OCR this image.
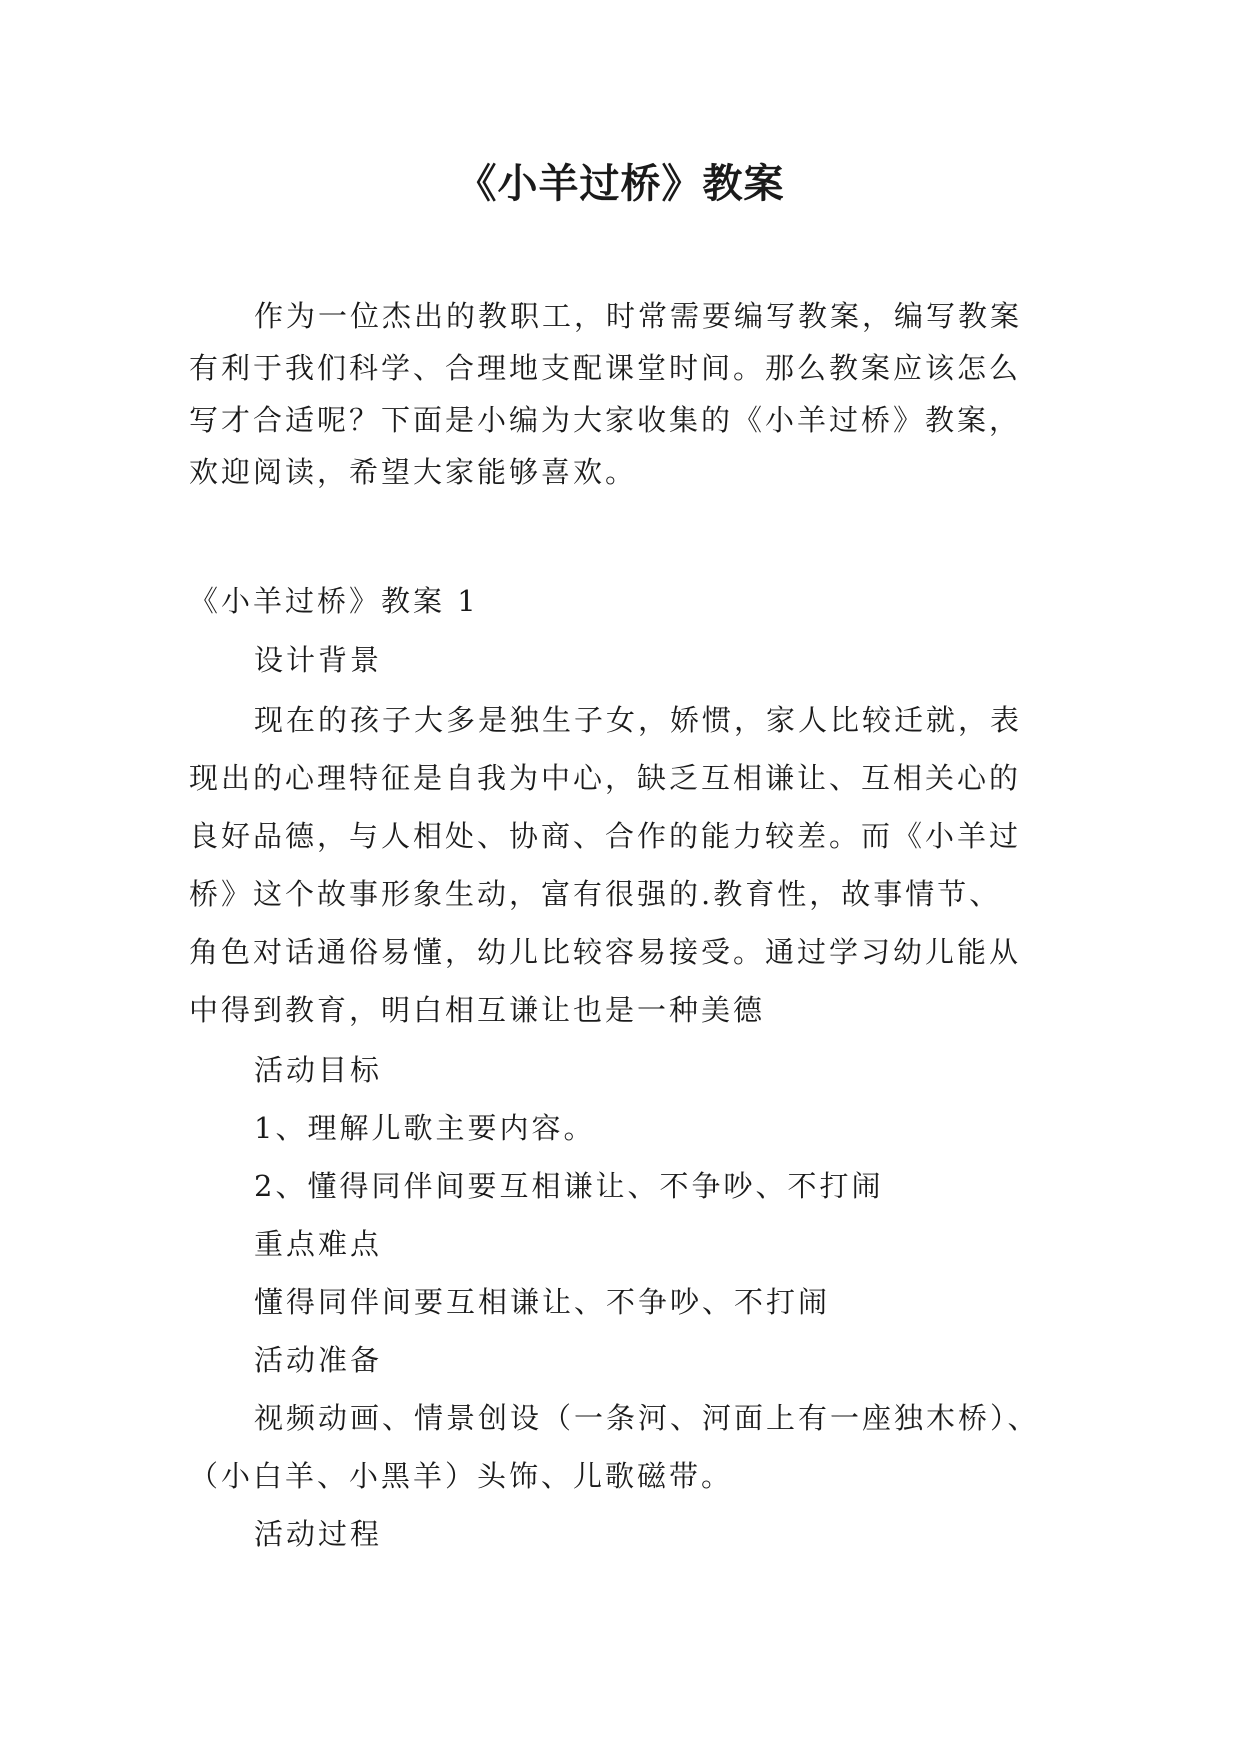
《小羊过桥》教案

作为一位杰出的教职工，时常需要编写教案，编写教案

有利于我们科学、合理地支配课堂时间。那么教案应该怎么

写才合适呢？下面是小编为大家收集的《小羊过桥》教案，

欢迎阅读，希望大家能够喜欢。

《小羊过桥》教案 1

设计背景

现在的孩子大多是独生子女，娇惯，家人比较迁就，表

现出的心理特征是自我为中心，缺乏互相谦让、互相关心的

良好品德，与人相处、协商、合作的能力较差。而《小羊过

桥》这个故事形象生动，富有很强的.教育性，故事情节、

角色对话通俗易懂，幼儿比较容易接受。通过学习幼儿能从

中得到教育，明白相互谦让也是一种美德

活动目标

1、理解儿歌主要内容。

2、懂得同伴间要互相谦让、不争吵、不打闹

重点难点

懂得同伴间要互相谦让、不争吵、不打闹

活动准备

视频动画、情景创设（一条河、河面上有一座独木桥）、

（小白羊、小黑羊）头饰、儿歌磁带。

活动过程
